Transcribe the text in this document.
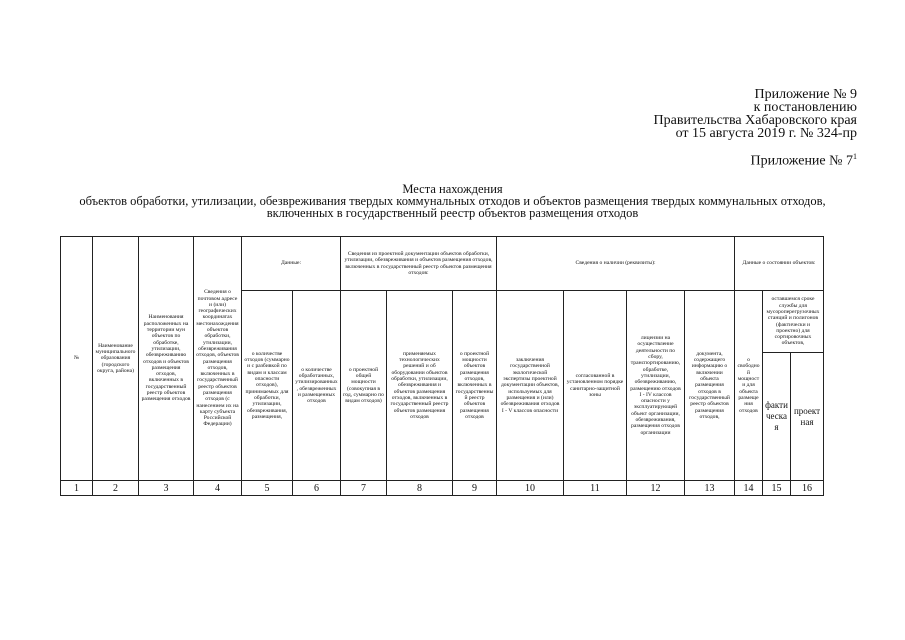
Приложение № 9
к постановлению
Правительства Хабаровского края
от 15 августа 2019 г. № 324-пр
Приложение № $7^1$
Места нахождения
объектов обработки, утилизации, обезвреживания твердых коммунальных отходов и объектов размещения твердых коммунальных отходов,
включенных в государственный реестр объектов размещения отходов
№	Наименование муниципального образования (городского округа, района)	Наименования расположенных на территории мун объектов по обработке, утилизации, обезвреживанию отходов и объектов размещения отходов, включенных в государственный реестр объектов размещения отходов	Сведения о почтовом адресе и (или) географических координатах местонахождения объектов обработки, утилизации, обезвреживания отходов, объектов размещения отходов, включенных в государственный реестр объектов размещения отходов (с нанесением их на карту субъекта Российской Федерации)	Данные:		Сведения из проектной документации объектов обработки, утилизации, обезвреживания и объектов размещения отходов, включенных в государственный реестр объектов размещения отходов:			Сведения о наличии (реквизиты):				Данные о состоянии объектов:		
				о количестве отходов (суммарно и с разбивкой по видам и классам опасности отходов), принимаемых для обработки, утилизации, обезвреживания, размещения,	о количестве обработанных, утилизированных, обезвреженных и размещенных отходов	о проектной общей мощности (совокупная в год, суммарно по видам отходов)	применяемых технологических решений и об оборудовании объектов обработки, утилизации, обезвреживания и объектов размещения отходов, включенных в государственный реестр объектов размещения отходов	о проектной мощности объектов размещения отходов, включенных в государственный реестр объектов размещения отходов	заключения государственной экологической экспертизы проектной документации объектов, используемых для размещения и (или) обезвреживания отходов I - V классов опасности	согласованной в установленном порядке санитарно-защитной зоны	лицензии на осуществление деятельности по сбору, транспортированию, обработке, утилизации, обезвреживанию, размещению отходов I - IV классов опасности у эксплуатирующей объект организации, обезвреживания, размещения отходов организации	документа, содержащего информацию о включении объекта размещения отходов в государственный реестр объектов размещения отходов,	о свободной мощности для объекта размещения отходов	оставшемся сроке службы для мусороперегрузочных станций и полигонов (фактически и проектно) для сортировочных объектов,	
														фактическая	проектная
1	2	3	4	5	6	7	8	9	10	11	12	13	14	15	16
